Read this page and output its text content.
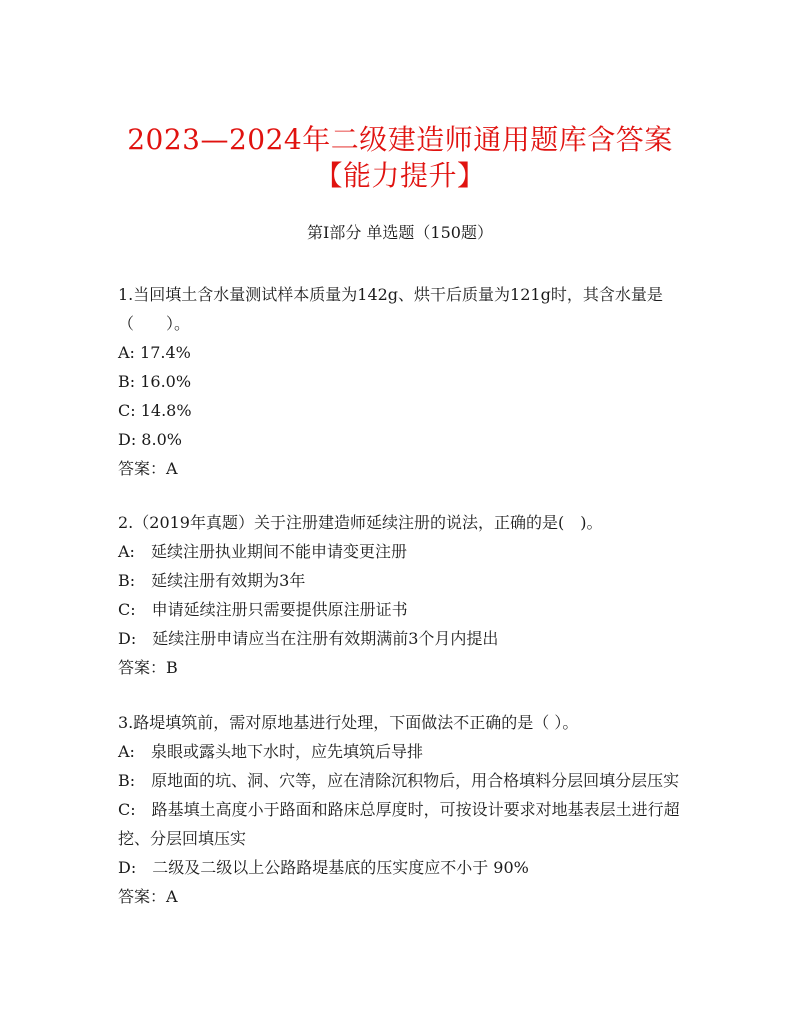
2023—2024年二级建造师通用题库含答案【能力提升】
第Ⅰ部分 单选题（150题）

1.当回填土含水量测试样本质量为142g、烘干后质量为121g时，其含水量是（　　）。

A: 17.4%

B: 16.0%

C: 14.8%

D: 8.0%

答案：A

2.（2019年真题）关于注册建造师延续注册的说法，正确的是(　)。

A:　延续注册执业期间不能申请变更注册

B:　延续注册有效期为3年

C:　申请延续注册只需要提供原注册证书

D:　延续注册申请应当在注册有效期满前3个月内提出

答案：B

3.路堤填筑前，需对原地基进行处理，下面做法不正确的是（ ）。

A:　泉眼或露头地下水时，应先填筑后导排

B:　原地面的坑、洞、穴等，应在清除沉积物后，用合格填料分层回填分层压实

C:　路基填土高度小于路面和路床总厚度时，可按设计要求对地基表层土进行超挖、分层回填压实

D:　二级及二级以上公路路堤基底的压实度应不小于 90%

答案：A
